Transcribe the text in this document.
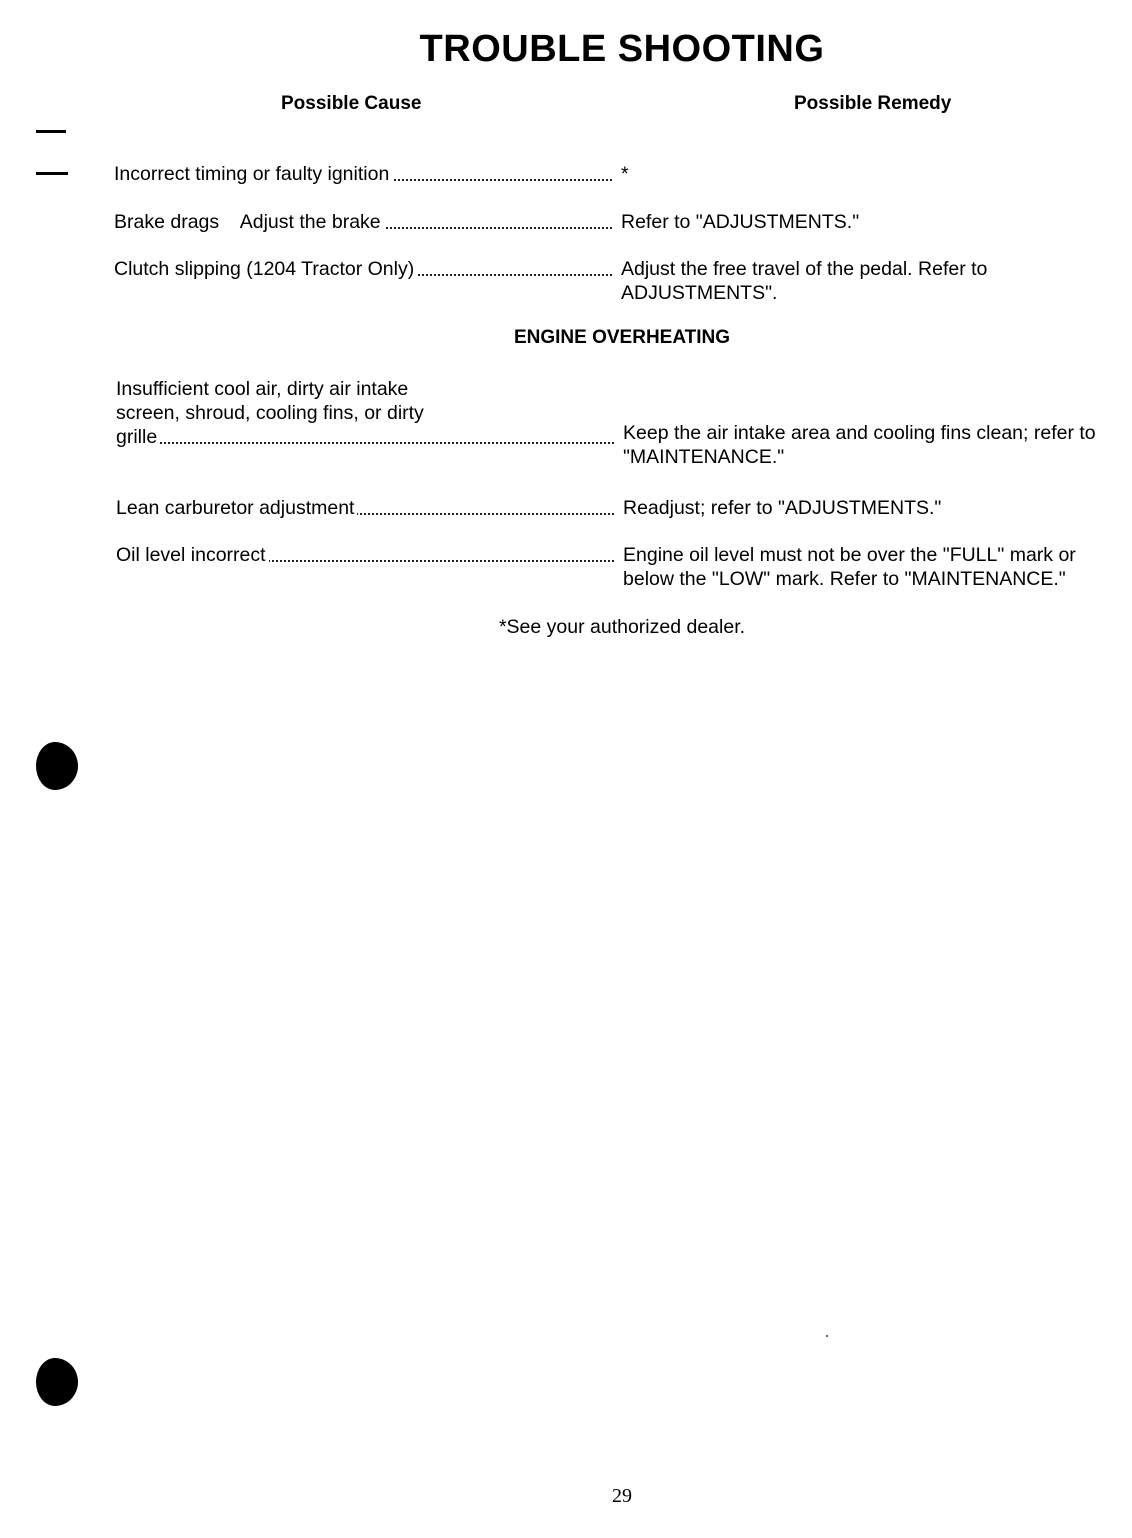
TROUBLE SHOOTING
Possible Cause	Possible Remedy
Incorrect timing or faulty ignition	*
Brake drags    Adjust the brake	Refer to "ADJUSTMENTS."
Clutch slipping (1204 Tractor Only)	Adjust the free travel of the pedal. Refer to ADJUSTMENTS".
ENGINE OVERHEATING
Insufficient cool air, dirty air intake
screen, shroud, cooling fins, or dirty
grille	Keep the air intake area and cooling fins clean; refer to "MAINTENANCE."
Lean carburetor adjustment	Readjust; refer to "ADJUSTMENTS."
Oil level incorrect	Engine oil level must not be over the "FULL" mark or below the "LOW" mark. Refer to "MAINTENANCE."
*See your authorized dealer.
29
